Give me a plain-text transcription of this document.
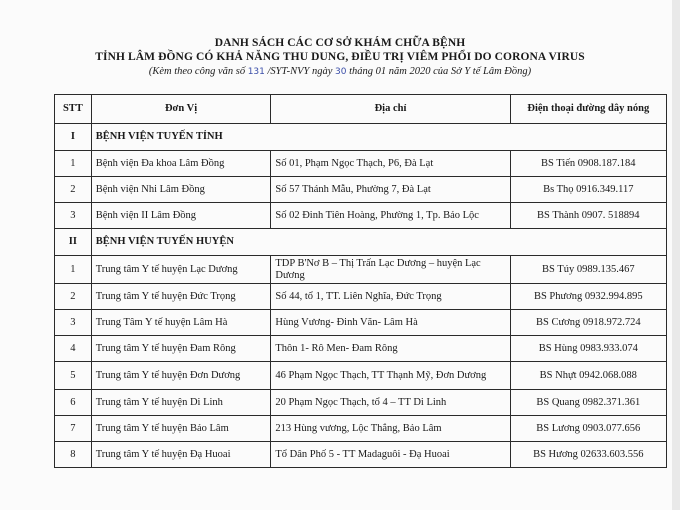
DANH SÁCH CÁC CƠ SỞ KHÁM CHỮA BỆNH
TỈNH LÂM ĐỒNG CÓ KHẢ NĂNG THU DUNG, ĐIỀU TRỊ VIÊM PHỔI DO CORONA VIRUS
(Kèm theo công văn số 131 /SYT-NVY ngày 30 tháng 01 năm 2020 của Sở Y tế Lâm Đồng)
STT	Đơn Vị	Địa chỉ	Điện thoại đường dây nóng
I	BỆNH VIỆN TUYẾN TỈNH		
1	Bệnh viện Đa khoa Lâm Đồng	Số 01, Phạm Ngọc Thạch, P6, Đà Lạt	BS Tiến 0908.187.184
2	Bệnh viện Nhi Lâm Đồng	Số 57 Thánh Mẫu, Phường 7, Đà Lạt	Bs Thọ 0916.349.117
3	Bệnh viện II Lâm Đồng	Số 02 Đinh Tiên Hoàng, Phường 1, Tp. Bảo Lộc	BS Thành 0907. 518894
II	BỆNH VIỆN TUYẾN HUYỆN		
1	Trung tâm Y tế huyện Lạc Dương	TDP B'Nơ B – Thị Trấn Lạc Dương – huyện Lạc Dương	BS Túy 0989.135.467
2	Trung tâm Y tế huyện Đức Trọng	Số 44, tổ 1, TT. Liên Nghĩa, Đức Trọng	BS Phương 0932.994.895
3	Trung Tâm Y tế huyện Lâm Hà	Hùng Vương- Đinh Văn- Lâm Hà	BS Cương 0918.972.724
4	Trung tâm Y tế huyện Đam Rông	Thôn 1- Rô Men- Đam Rông	BS Hùng 0983.933.074
5	Trung tâm Y tế huyện Đơn Dương	46 Phạm Ngọc Thạch, TT Thạnh Mỹ, Đơn Dương	BS Nhựt 0942.068.088
6	Trung tâm Y tế huyện Di Linh	20 Phạm Ngọc Thạch, tổ 4 – TT Di Linh	BS Quang 0982.371.361
7	Trung tâm Y tế huyện Bảo Lâm	213 Hùng vương, Lộc Thắng, Bảo Lâm	BS Lương 0903.077.656
8	Trung tâm Y tế huyện Đạ Huoai	Tổ Dân Phố 5 - TT Madaguôi - Đạ Huoai	BS Hương 02633.603.556
